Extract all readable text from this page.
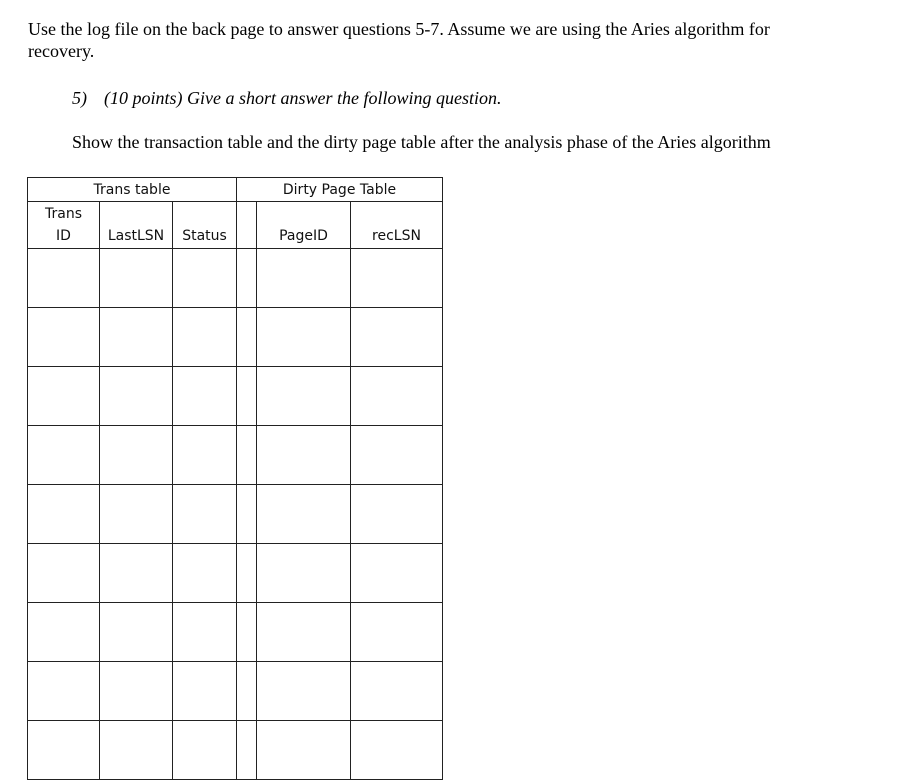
Use the log file on the back page to answer questions 5-7. Assume we are using the Aries algorithm for
recovery.

5) (10 points) Give a short answer the following question.

Show the transaction table and the dirty page table after the analysis phase of the Aries algorithm

Trans table			Dirty Page Table		
Trans
ID	LastLSN	Status		PageID	recLSN
